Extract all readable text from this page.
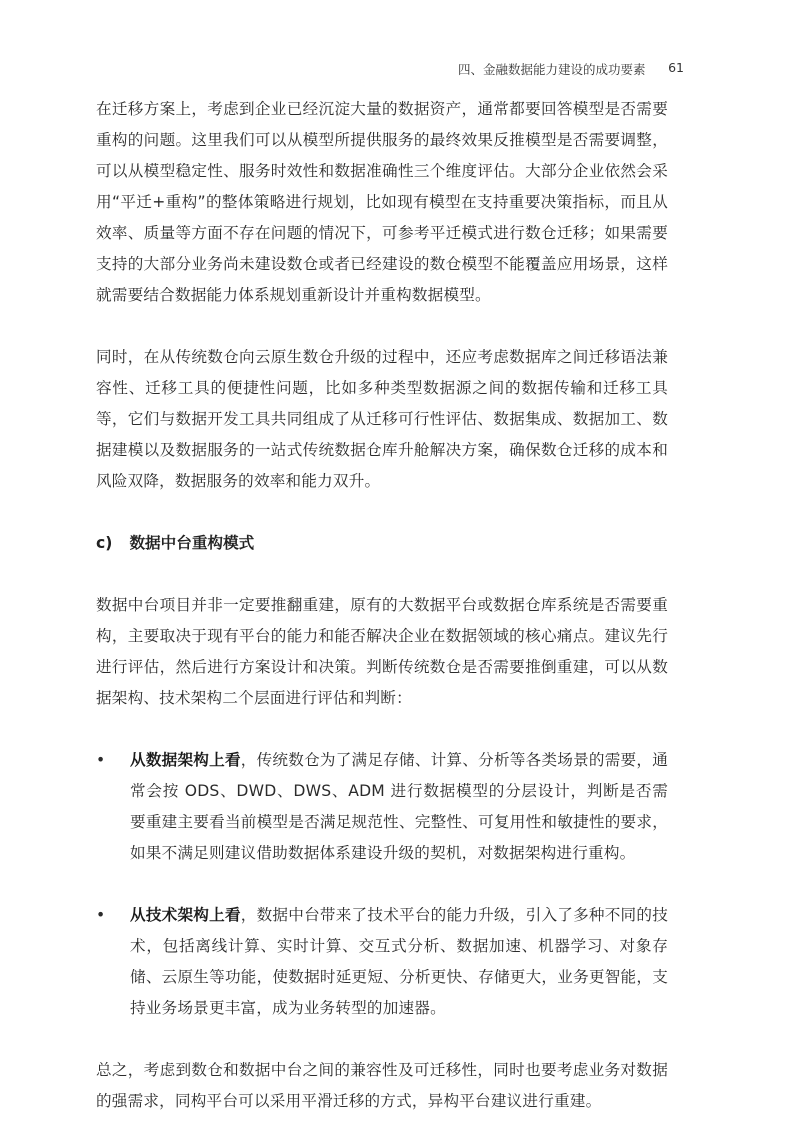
四、金融数据能力建设的成功要素 61

在迁移方案上，考虑到企业已经沉淀大量的数据资产，通常都要回答模型是否需要重构的问题。这里我们可以从模型所提供服务的最终效果反推模型是否需要调整，可以从模型稳定性、服务时效性和数据准确性三个维度评估。大部分企业依然会采用“平迁+重构”的整体策略进行规划，比如现有模型在支持重要决策指标，而且从效率、质量等方面不存在问题的情况下，可参考平迁模式进行数仓迁移；如果需要支持的大部分业务尚未建设数仓或者已经建设的数仓模型不能覆盖应用场景，这样就需要结合数据能力体系规划重新设计并重构数据模型。

同时，在从传统数仓向云原生数仓升级的过程中，还应考虑数据库之间迁移语法兼容性、迁移工具的便捷性问题，比如多种类型数据源之间的数据传输和迁移工具等，它们与数据开发工具共同组成了从迁移可行性评估、数据集成、数据加工、数据建模以及数据服务的一站式传统数据仓库升舱解决方案，确保数仓迁移的成本和风险双降，数据服务的效率和能力双升。

c) 数据中台重构模式

数据中台项目并非一定要推翻重建，原有的大数据平台或数据仓库系统是否需要重构，主要取决于现有平台的能力和能否解决企业在数据领域的核心痛点。建议先行进行评估，然后进行方案设计和决策。判断传统数仓是否需要推倒重建，可以从数据架构、技术架构二个层面进行评估和判断：

• 从数据架构上看，传统数仓为了满足存储、计算、分析等各类场景的需要，通常会按 ODS、DWD、DWS、ADM 进行数据模型的分层设计，判断是否需要重建主要看当前模型是否满足规范性、完整性、可复用性和敏捷性的要求，如果不满足则建议借助数据体系建设升级的契机，对数据架构进行重构。

• 从技术架构上看，数据中台带来了技术平台的能力升级，引入了多种不同的技术，包括离线计算、实时计算、交互式分析、数据加速、机器学习、对象存储、云原生等功能，使数据时延更短、分析更快、存储更大，业务更智能，支持业务场景更丰富，成为业务转型的加速器。

总之，考虑到数仓和数据中台之间的兼容性及可迁移性，同时也要考虑业务对数据的强需求，同构平台可以采用平滑迁移的方式，异构平台建议进行重建。
